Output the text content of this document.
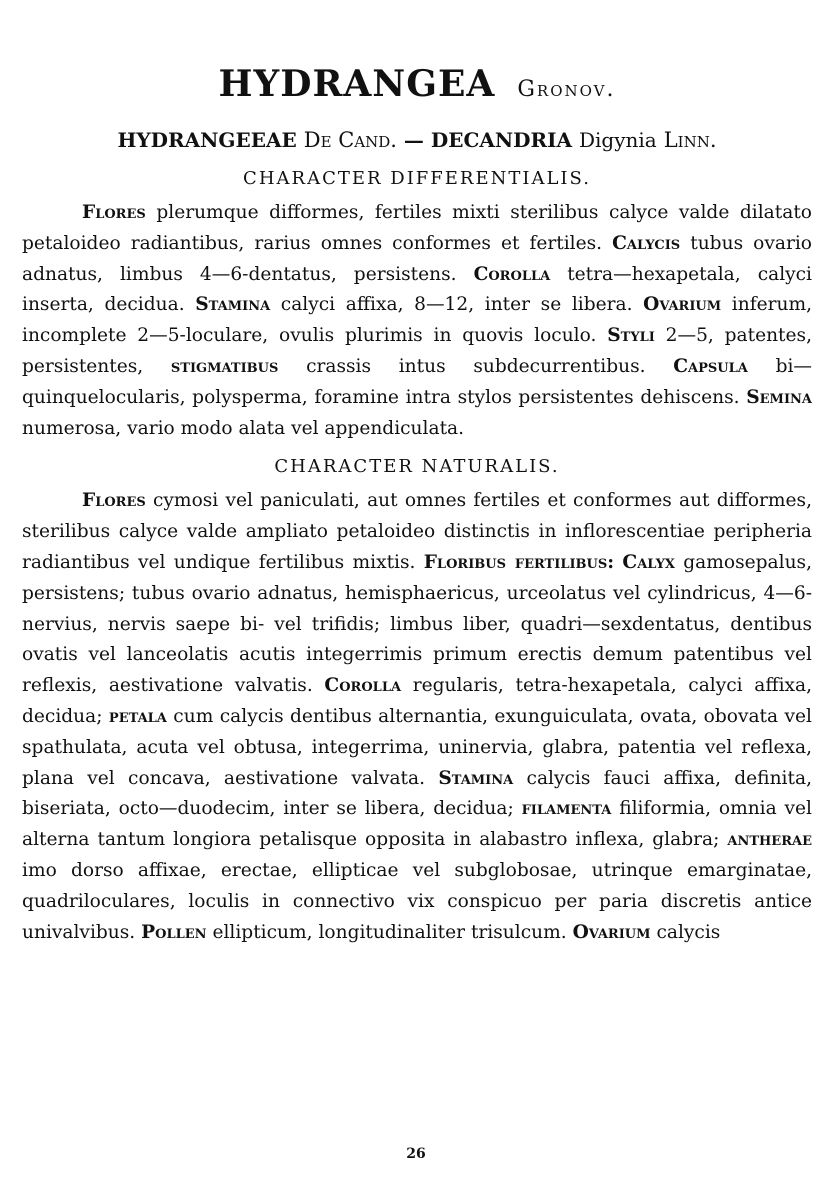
HYDRANGEA Gronov.
HYDRANGEEAE De Cand. — DECANDRIA Digynia Linn.
CHARACTER DIFFERENTIALIS.

Flores plerumque difformes, fertiles mixti sterilibus calyce valde dilatato petaloideo radiantibus, rarius omnes conformes et fertiles. Calycis tubus ovario adnatus, limbus 4—6-dentatus, persistens. Corolla tetra—hexapetala, calyci inserta, decidua. Stamina calyci affixa, 8—12, inter se libera. Ovarium inferum, incomplete 2—5-loculare, ovulis plurimis in quovis loculo. Styli 2—5, patentes, persistentes, stigmatibus crassis intus subdecurrentibus. Capsula bi—quinquelocularis, polysperma, foramine intra stylos persistentes dehiscens. Semina numerosa, vario modo alata vel appendiculata.

CHARACTER NATURALIS.

Flores cymosi vel paniculati, aut omnes fertiles et conformes aut difformes, sterilibus calyce valde ampliato petaloideo distinctis in inflorescentiae peripheria radiantibus vel undique fertilibus mixtis. Floribus fertilibus: Calyx gamosepalus, persistens; tubus ovario adnatus, hemisphaericus, urceolatus vel cylindricus, 4—6-nervius, nervis saepe bi- vel trifidis; limbus liber, quadri—sexdentatus, dentibus ovatis vel lanceolatis acutis integerrimis primum erectis demum patentibus vel reflexis, aestivatione valvatis. Corolla regularis, tetra-hexapetala, calyci affixa, decidua; petala cum calycis dentibus alternantia, exunguiculata, ovata, obovata vel spathulata, acuta vel obtusa, integerrima, uninervia, glabra, patentia vel reflexa, plana vel concava, aestivatione valvata. Stamina calycis fauci affixa, definita, biseriata, octo—duodecim, inter se libera, decidua; filamenta filiformia, omnia vel alterna tantum longiora petalisque opposita in alabastro inflexa, glabra; antherae imo dorso affixae, erectae, ellipticae vel subglobosae, utrinque emarginatae, quadriloculares, loculis in connectivo vix conspicuo per paria discretis antice univalvibus. Pollen ellipticum, longitudinaliter trisulcum. Ovarium calycis

26
